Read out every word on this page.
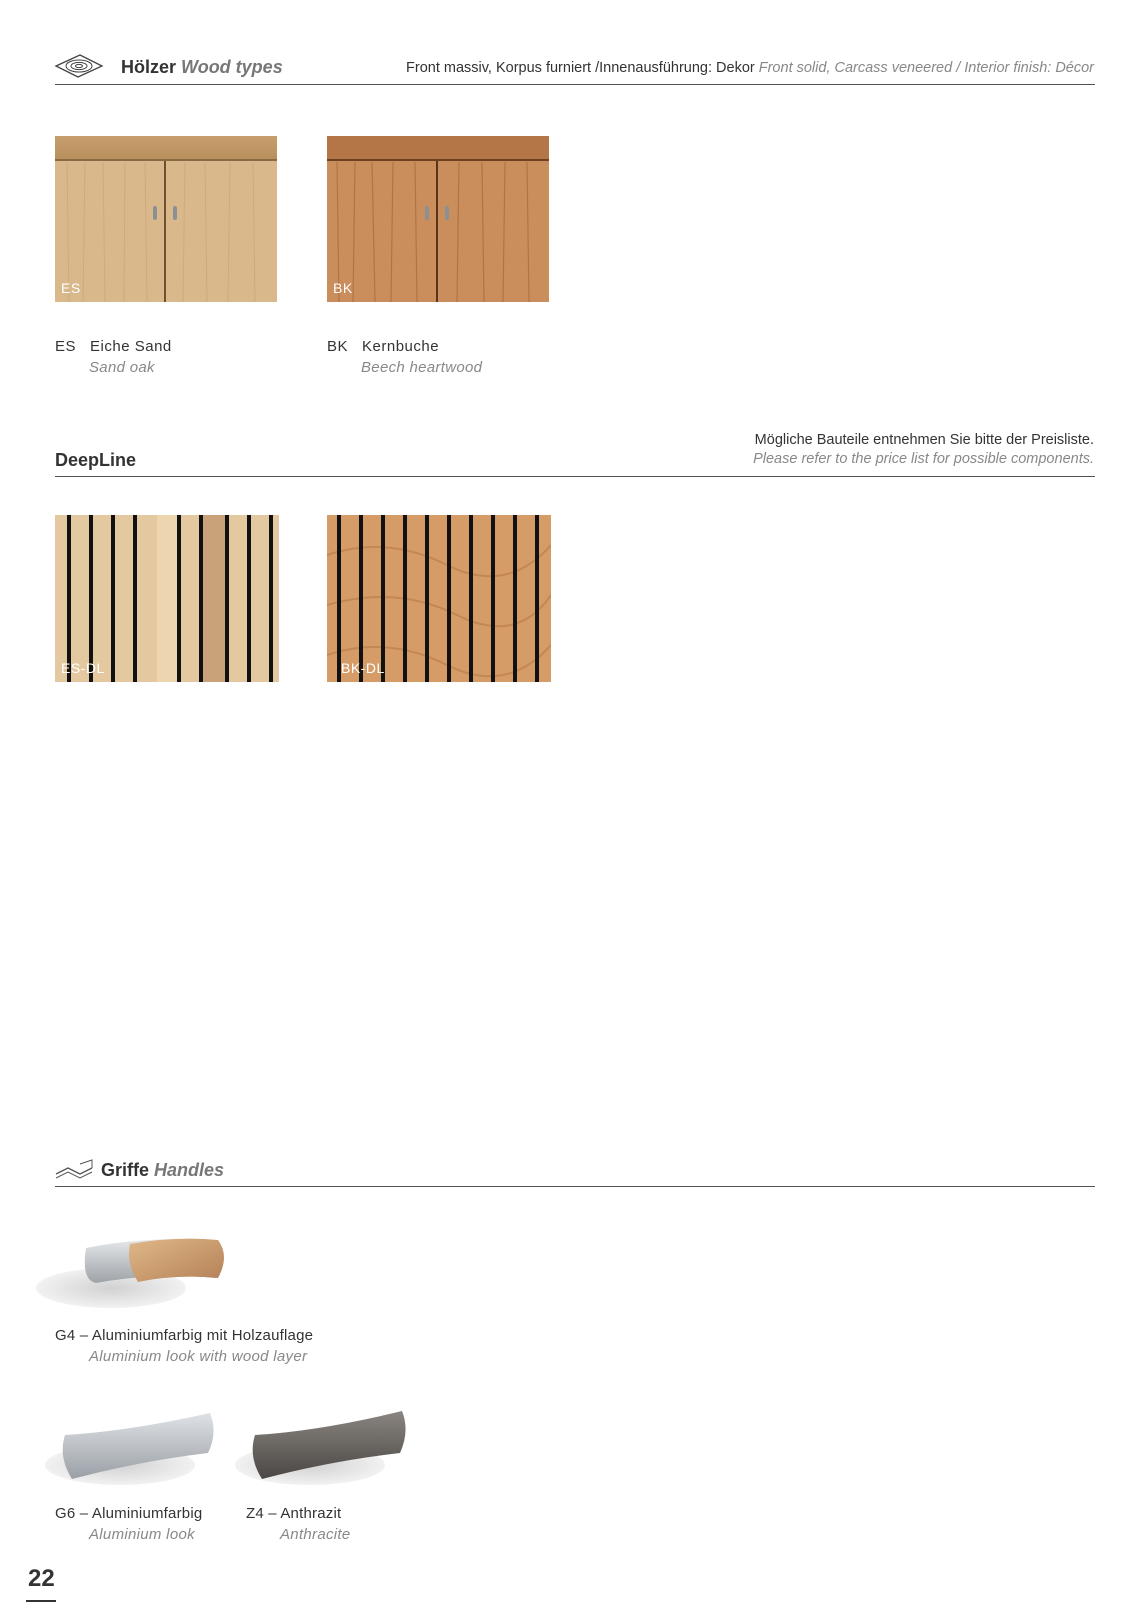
Hölzer Wood types	Front massiv, Korpus furniert /Innenausführung: Dekor Front solid, Carcass veneered / Interior finish: Décor
ES	BK
ES Eiche Sand
Sand oak
BK Kernbuche
Beech heartwood
DeepLine
Mögliche Bauteile entnehmen Sie bitte der Preisliste.
Please refer to the price list for possible components.
ES-DL	BK-DL
Griffe Handles
G4 – Aluminiumfarbig mit Holzauflage
Aluminium look with wood layer
G6 – Aluminiumfarbig
Aluminium look
Z4 – Anthrazit
Anthracite
22
